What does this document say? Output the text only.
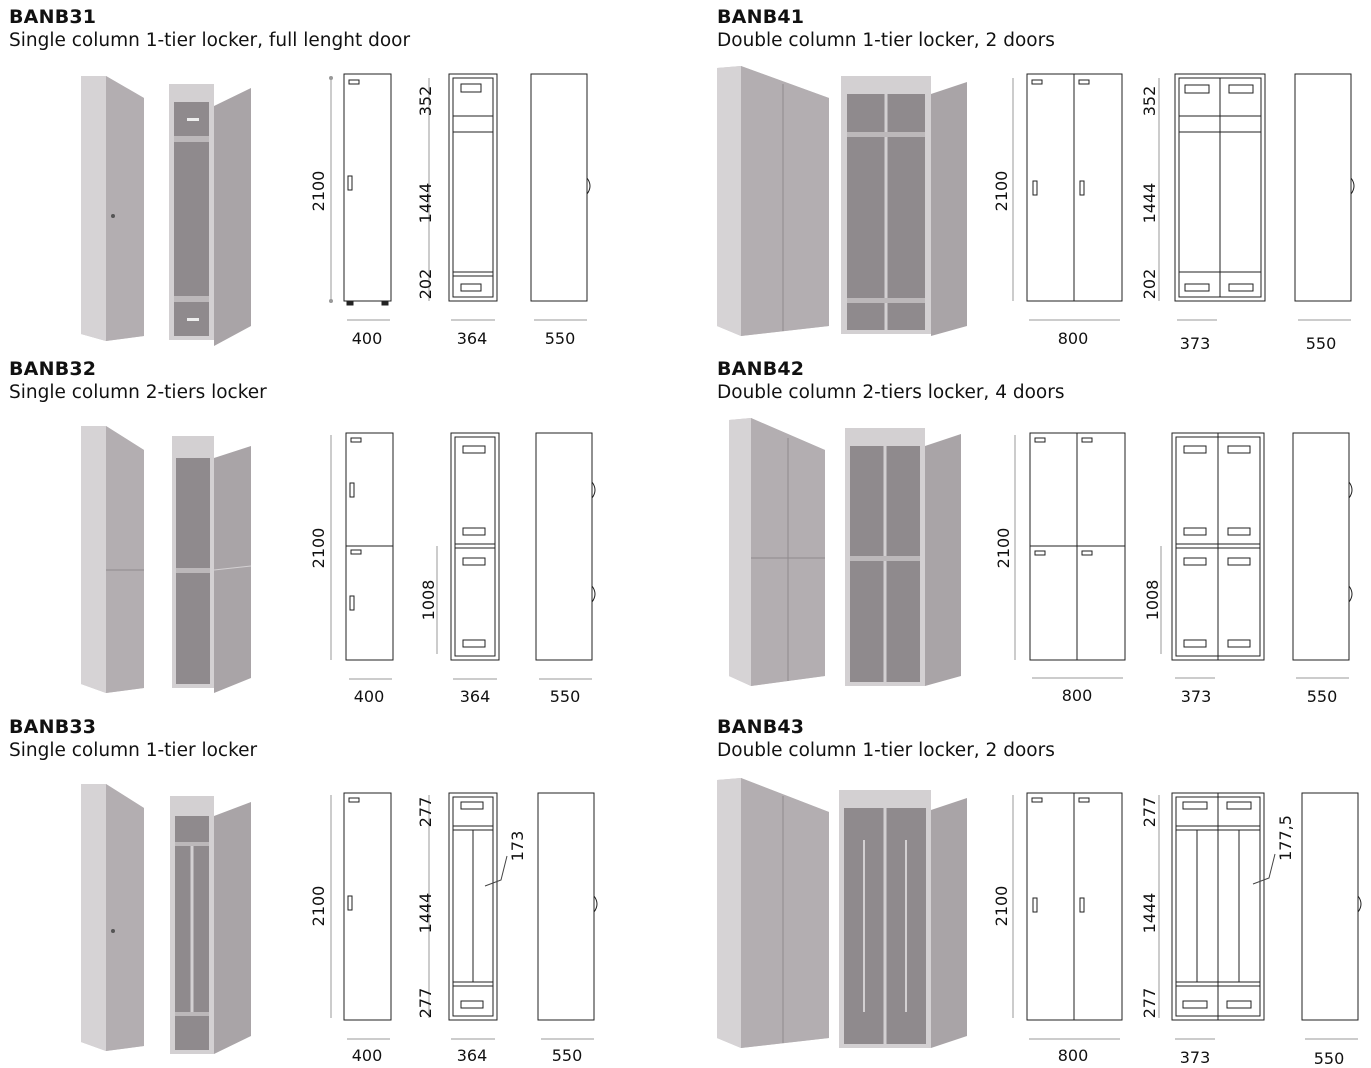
BANB31
Single column 1-tier locker, full lenght door
2100
400
352
1444
202
364	550
BANB41
Double column 1-tier locker, 2 doors
2100
800
352
1444
202
373	550
BANB32
Single column 2-tiers locker
2100
400
1008
364	550
BANB42
Double column 2-tiers locker, 4 doors
2100
800
1008
373	550
BANB33
Single column 1-tier locker
2100
400
277
1444
277
173
364	550
BANB43
Double column 1-tier locker, 2 doors
2100
800
277
1444
277
177,5
373	550
